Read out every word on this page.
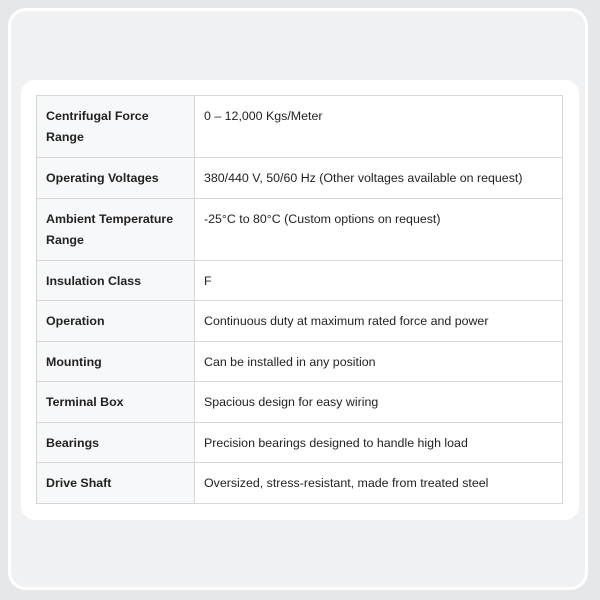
Centrifugal Force Range	0 – 12,000 Kgs/Meter
Operating Voltages	380/440 V, 50/60 Hz (Other voltages available on request)
Ambient Temperature Range	-25°C to 80°C (Custom options on request)
Insulation Class	F
Operation	Continuous duty at maximum rated force and power
Mounting	Can be installed in any position
Terminal Box	Spacious design for easy wiring
Bearings	Precision bearings designed to handle high load
Drive Shaft	Oversized, stress-resistant, made from treated steel
